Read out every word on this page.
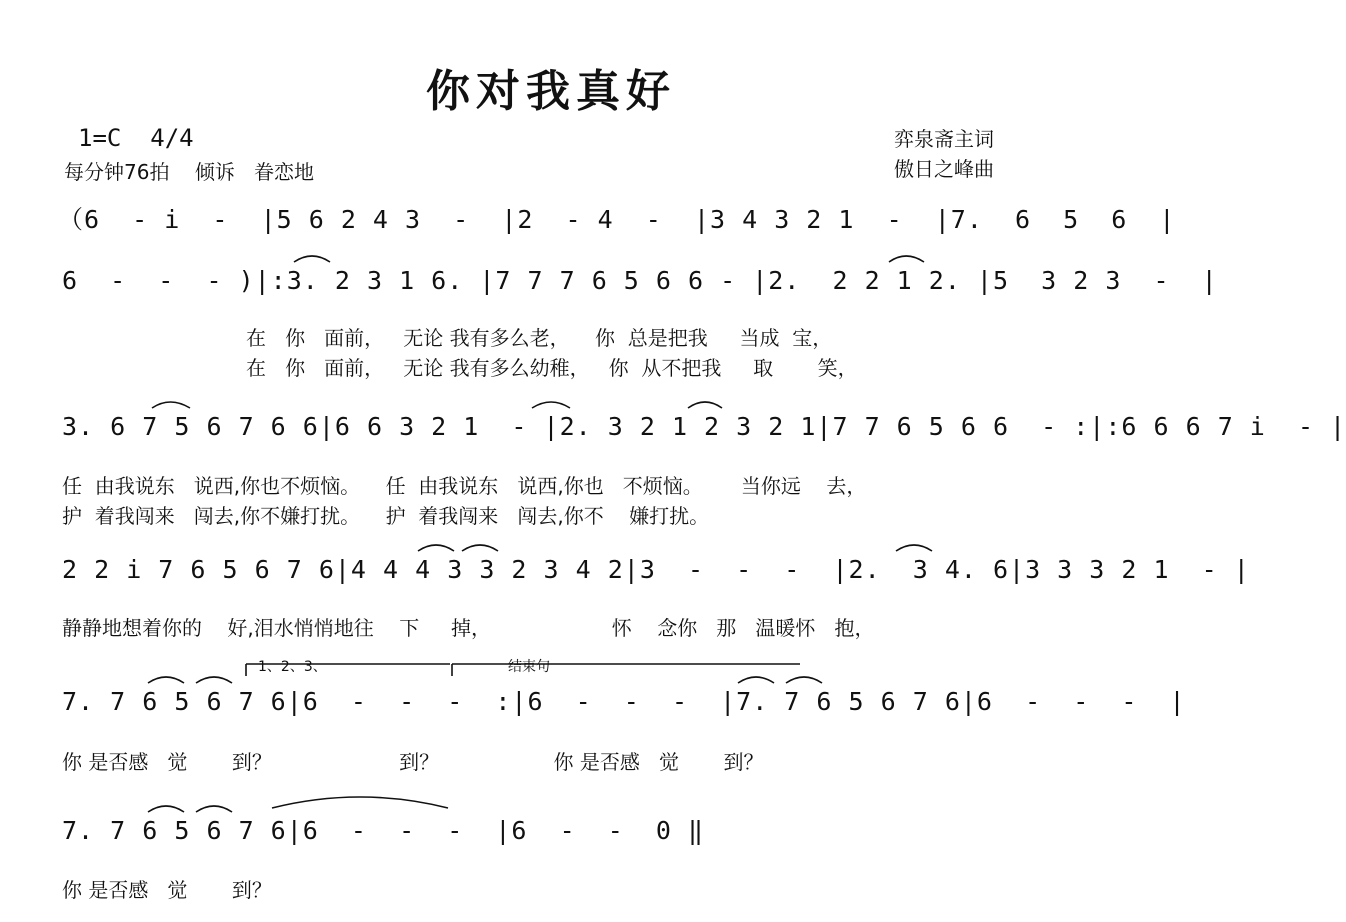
你对我真好
1=C  4/4
每分钟76拍    倾诉   眷恋地
弈泉斋主词
傲日之峰曲
（6  - i  -  |5 6 2 4 3  -  |2  - 4  -  |3 4 3 2 1  -  |7.  6  5  6  |
6  -  -  - )|:3. 2 3 1 6. |7 7 7 6 5 6 6 - |2.  2 2 1 2. |5  3 2 3  -  |
在   你   面前，   无论 我有多么老，    你  总是把我     当成  宝，
在   你   面前，   无论 我有多么幼稚，   你  从不把我     取       笑，
3. 6 7 5 6 7 6 6|6 6 3 2 1  - |2. 3 2 1 2 3 2 1|7 7 6 5 6 6  - :|:6 6 6 7 i  - |
任  由我说东   说西,你也不烦恼。    任  由我说东   说西,你也   不烦恼。      当你远    去，
护  着我闯来   闯去,你不嫌打扰。    护  着我闯来   闯去,你不    嫌打扰。
2 2 i 7 6 5 6 7 6|4 4 4 3 3 2 3 4 2|3  -  -  -  |2.  3 4. 6|3 3 3 2 1  - |
静静地想着你的    好,泪水悄悄地往    下     掉，                   怀    念你   那   温暖怀   抱，
1、2、3、	结束句
7. 7 6 5 6 7 6|6  -  -  -  :|6  -  -  -  |7. 7 6 5 6 7 6|6  -  -  -  |
你 是否感   觉       到？                    到？                  你 是否感   觉       到？
7. 7 6 5 6 7 6|6  -  -  -  |6  -  -  0 ‖
你 是否感   觉       到？
